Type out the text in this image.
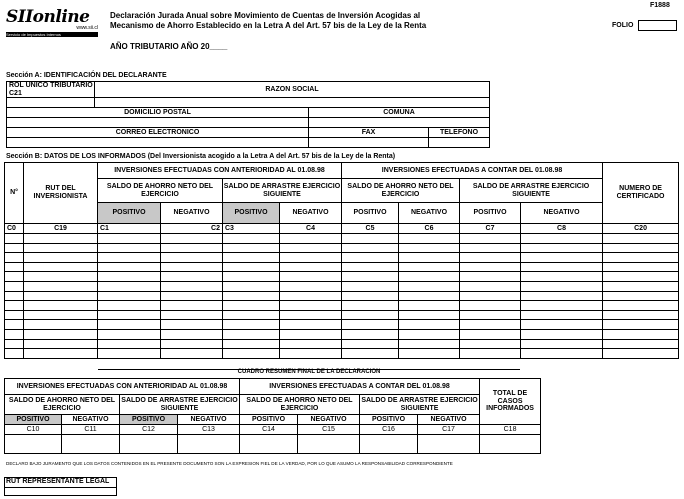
SIIonline
www.sii.cl
Servicio de Impuestos Internos
F1888
Declaración Jurada Anual sobre Movimiento de Cuentas de Inversión Acogidas al
Mecanismo de Ahorro Establecido en la Letra A del Art. 57 bis de la Ley de la Renta	FOLIO
AÑO TRIBUTARIO AÑO 20____
Sección A: IDENTIFICACIÓN DEL DECLARANTE
ROL UNICO TRIBUTARIO C21	RAZON SOCIAL		

DOMICILIO POSTAL		COMUNA	

CORREO ELECTRONICO		FAX	TELEFONO

Sección B: DATOS DE LOS INFORMADOS (Del Inversionista acogido a la Letra A del Art. 57 bis de la Ley de la Renta)
N°	RUT DEL INVERSIONISTA	INVERSIONES EFECTUADAS CON ANTERIORIDAD AL 01.08.98				INVERSIONES EFECTUADAS A CONTAR DEL 01.08.98				NUMERO DE CERTIFICADO
		SALDO DE AHORRO NETO DEL EJERCICIO		SALDO DE ARRASTRE EJERCICIO SIGUIENTE		SALDO DE AHORRO NETO DEL EJERCICIO		SALDO DE ARRASTRE EJERCICIO SIGUIENTE		
		POSITIVO	NEGATIVO	POSITIVO	NEGATIVO	POSITIVO	NEGATIVO	POSITIVO	NEGATIVO	
C0	C19	C1	C2	C3	C4	C5	C6	C7	C8	C20

CUADRO RESUMEN FINAL DE LA DECLARACION
INVERSIONES EFECTUADAS CON ANTERIORIDAD AL 01.08.98				INVERSIONES EFECTUADAS A CONTAR DEL 01.08.98				TOTAL DE CASOS INFORMADOS
SALDO DE AHORRO NETO DEL EJERCICIO		SALDO DE ARRASTRE EJERCICIO SIGUIENTE		SALDO DE AHORRO NETO DEL EJERCICIO		SALDO DE ARRASTRE EJERCICIO SIGUIENTE		
POSITIVO	NEGATIVO	POSITIVO	NEGATIVO	POSITIVO	NEGATIVO	POSITIVO	NEGATIVO	
C10	C11	C12	C13	C14	C15	C16	C17	C18

DECLARO BAJO JURAMENTO QUE LOS DATOS CONTENIDOS EN EL PRESENTE DOCUMENTO SON LA EXPRESION FIEL DE LA VERDAD, POR LO QUE ASUMO LA RESPONSABILIDAD CORRESPONDIENTE
RUT REPRESENTANTE LEGAL
